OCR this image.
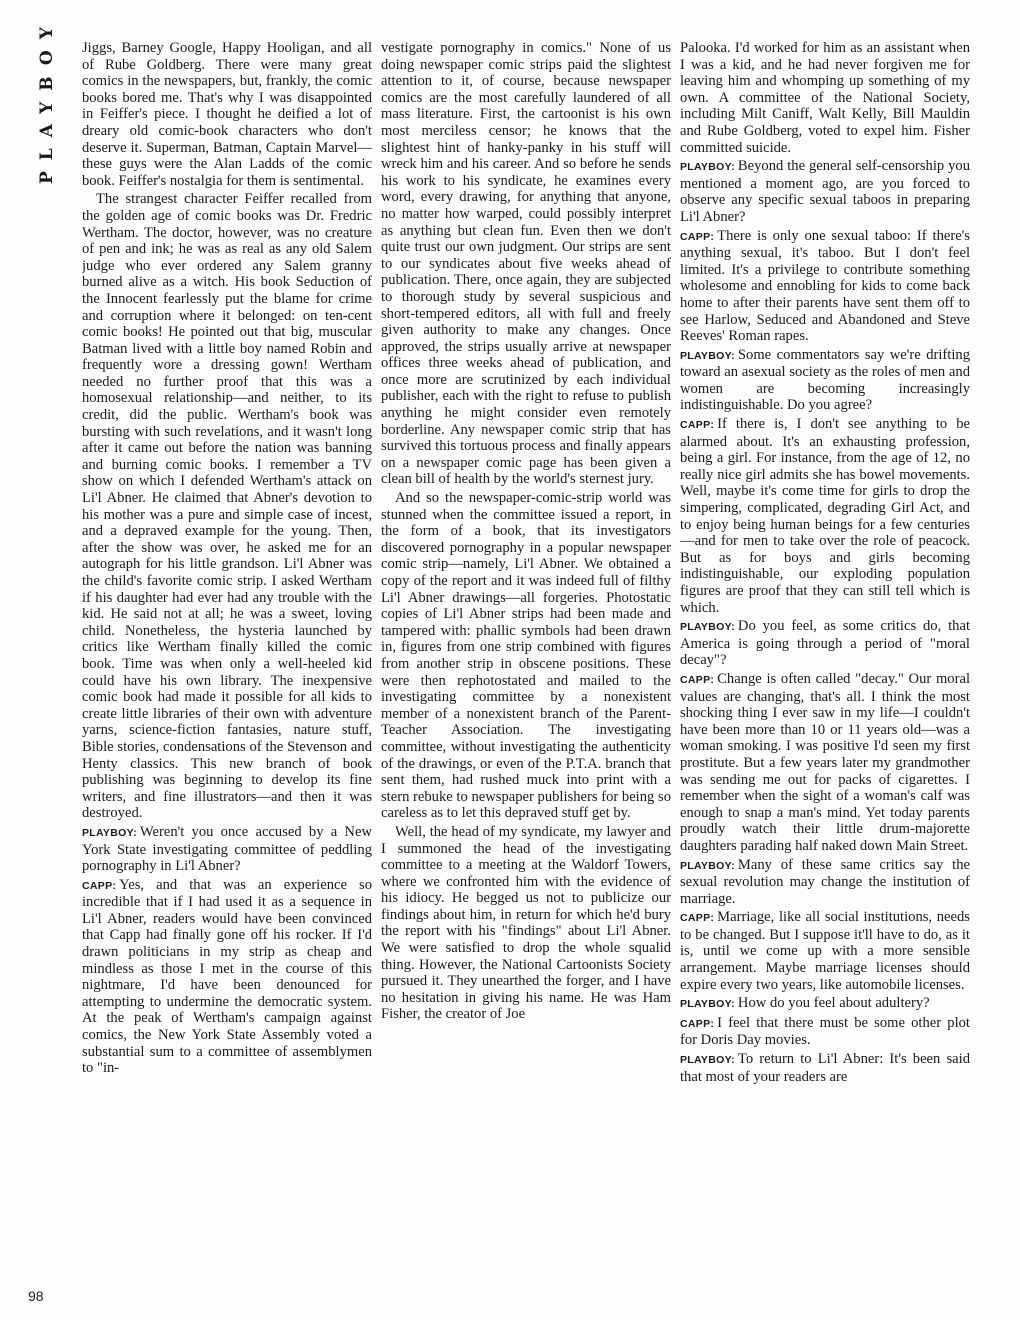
PLAYBOY
98

Jiggs, Barney Google, Happy Hooligan, and all of Rube Goldberg. There were many great comics in the newspapers, but, frankly, the comic books bored me. That's why I was disappointed in Feiffer's piece. I thought he deified a lot of dreary old comic-book characters who don't deserve it. Superman, Batman, Captain Marvel—these guys were the Alan Ladds of the comic book. Feiffer's nostalgia for them is sentimental.

The strangest character Feiffer recalled from the golden age of comic books was Dr. Fredric Wertham. The doctor, however, was no creature of pen and ink; he was as real as any old Salem judge who ever ordered any Salem granny burned alive as a witch. His book Seduction of the Innocent fearlessly put the blame for crime and corruption where it belonged: on ten-cent comic books! He pointed out that big, muscular Batman lived with a little boy named Robin and frequently wore a dressing gown! Wertham needed no further proof that this was a homosexual relationship—and neither, to its credit, did the public. Wertham's book was bursting with such revelations, and it wasn't long after it came out before the nation was banning and burning comic books. I remember a TV show on which I defended Wertham's attack on Li'l Abner. He claimed that Abner's devotion to his mother was a pure and simple case of incest, and a depraved example for the young. Then, after the show was over, he asked me for an autograph for his little grandson. Li'l Abner was the child's favorite comic strip. I asked Wertham if his daughter had ever had any trouble with the kid. He said not at all; he was a sweet, loving child. Nonetheless, the hysteria launched by critics like Wertham finally killed the comic book. Time was when only a well-heeled kid could have his own library. The inexpensive comic book had made it possible for all kids to create little libraries of their own with adventure yarns, science-fiction fantasies, nature stuff, Bible stories, condensations of the Stevenson and Henty classics. This new branch of book publishing was beginning to develop its fine writers, and fine illustrators—and then it was destroyed.

PLAYBOY: Weren't you once accused by a New York State investigating committee of peddling pornography in Li'l Abner?

CAPP: Yes, and that was an experience so incredible that if I had used it as a sequence in Li'l Abner, readers would have been convinced that Capp had finally gone off his rocker. If I'd drawn politicians in my strip as cheap and mindless as those I met in the course of this nightmare, I'd have been denounced for attempting to undermine the democratic system. At the peak of Wertham's campaign against comics, the New York State Assembly voted a substantial sum to a committee of assemblymen to "in-

vestigate pornography in comics." None of us doing newspaper comic strips paid the slightest attention to it, of course, because newspaper comics are the most carefully laundered of all mass literature. First, the cartoonist is his own most merciless censor; he knows that the slightest hint of hanky-panky in his stuff will wreck him and his career. And so before he sends his work to his syndicate, he examines every word, every drawing, for anything that anyone, no matter how warped, could possibly interpret as anything but clean fun. Even then we don't quite trust our own judgment. Our strips are sent to our syndicates about five weeks ahead of publication. There, once again, they are subjected to thorough study by several suspicious and short-tempered editors, all with full and freely given authority to make any changes. Once approved, the strips usually arrive at newspaper offices three weeks ahead of publication, and once more are scrutinized by each individual publisher, each with the right to refuse to publish anything he might consider even remotely borderline. Any newspaper comic strip that has survived this tortuous process and finally appears on a newspaper comic page has been given a clean bill of health by the world's sternest jury.

And so the newspaper-comic-strip world was stunned when the committee issued a report, in the form of a book, that its investigators discovered pornography in a popular newspaper comic strip—namely, Li'l Abner. We obtained a copy of the report and it was indeed full of filthy Li'l Abner drawings—all forgeries. Photostatic copies of Li'l Abner strips had been made and tampered with: phallic symbols had been drawn in, figures from one strip combined with figures from another strip in obscene positions. These were then rephotostated and mailed to the investigating committee by a nonexistent member of a nonexistent branch of the Parent-Teacher Association. The investigating committee, without investigating the authenticity of the drawings, or even of the P.T.A. branch that sent them, had rushed muck into print with a stern rebuke to newspaper publishers for being so careless as to let this depraved stuff get by.

Well, the head of my syndicate, my lawyer and I summoned the head of the investigating committee to a meeting at the Waldorf Towers, where we confronted him with the evidence of his idiocy. He begged us not to publicize our findings about him, in return for which he'd bury the report with his "findings" about Li'l Abner. We were satisfied to drop the whole squalid thing. However, the National Cartoonists Society pursued it. They unearthed the forger, and I have no hesitation in giving his name. He was Ham Fisher, the creator of Joe

Palooka. I'd worked for him as an assistant when I was a kid, and he had never forgiven me for leaving him and whomping up something of my own. A committee of the National Society, including Milt Caniff, Walt Kelly, Bill Mauldin and Rube Goldberg, voted to expel him. Fisher committed suicide.

PLAYBOY: Beyond the general self-censorship you mentioned a moment ago, are you forced to observe any specific sexual taboos in preparing Li'l Abner?

CAPP: There is only one sexual taboo: If there's anything sexual, it's taboo. But I don't feel limited. It's a privilege to contribute something wholesome and ennobling for kids to come back home to after their parents have sent them off to see Harlow, Seduced and Abandoned and Steve Reeves' Roman rapes.

PLAYBOY: Some commentators say we're drifting toward an asexual society as the roles of men and women are becoming increasingly indistinguishable. Do you agree?

CAPP: If there is, I don't see anything to be alarmed about. It's an exhausting profession, being a girl. For instance, from the age of 12, no really nice girl admits she has bowel movements. Well, maybe it's come time for girls to drop the simpering, complicated, degrading Girl Act, and to enjoy being human beings for a few centuries—and for men to take over the role of peacock. But as for boys and girls becoming indistinguishable, our exploding population figures are proof that they can still tell which is which.

PLAYBOY: Do you feel, as some critics do, that America is going through a period of "moral decay"?

CAPP: Change is often called "decay." Our moral values are changing, that's all. I think the most shocking thing I ever saw in my life—I couldn't have been more than 10 or 11 years old—was a woman smoking. I was positive I'd seen my first prostitute. But a few years later my grandmother was sending me out for packs of cigarettes. I remember when the sight of a woman's calf was enough to snap a man's mind. Yet today parents proudly watch their little drum-majorette daughters parading half naked down Main Street.

PLAYBOY: Many of these same critics say the sexual revolution may change the institution of marriage.

CAPP: Marriage, like all social institutions, needs to be changed. But I suppose it'll have to do, as it is, until we come up with a more sensible arrangement. Maybe marriage licenses should expire every two years, like automobile licenses.

PLAYBOY: How do you feel about adultery?

CAPP: I feel that there must be some other plot for Doris Day movies.

PLAYBOY: To return to Li'l Abner: It's been said that most of your readers are
